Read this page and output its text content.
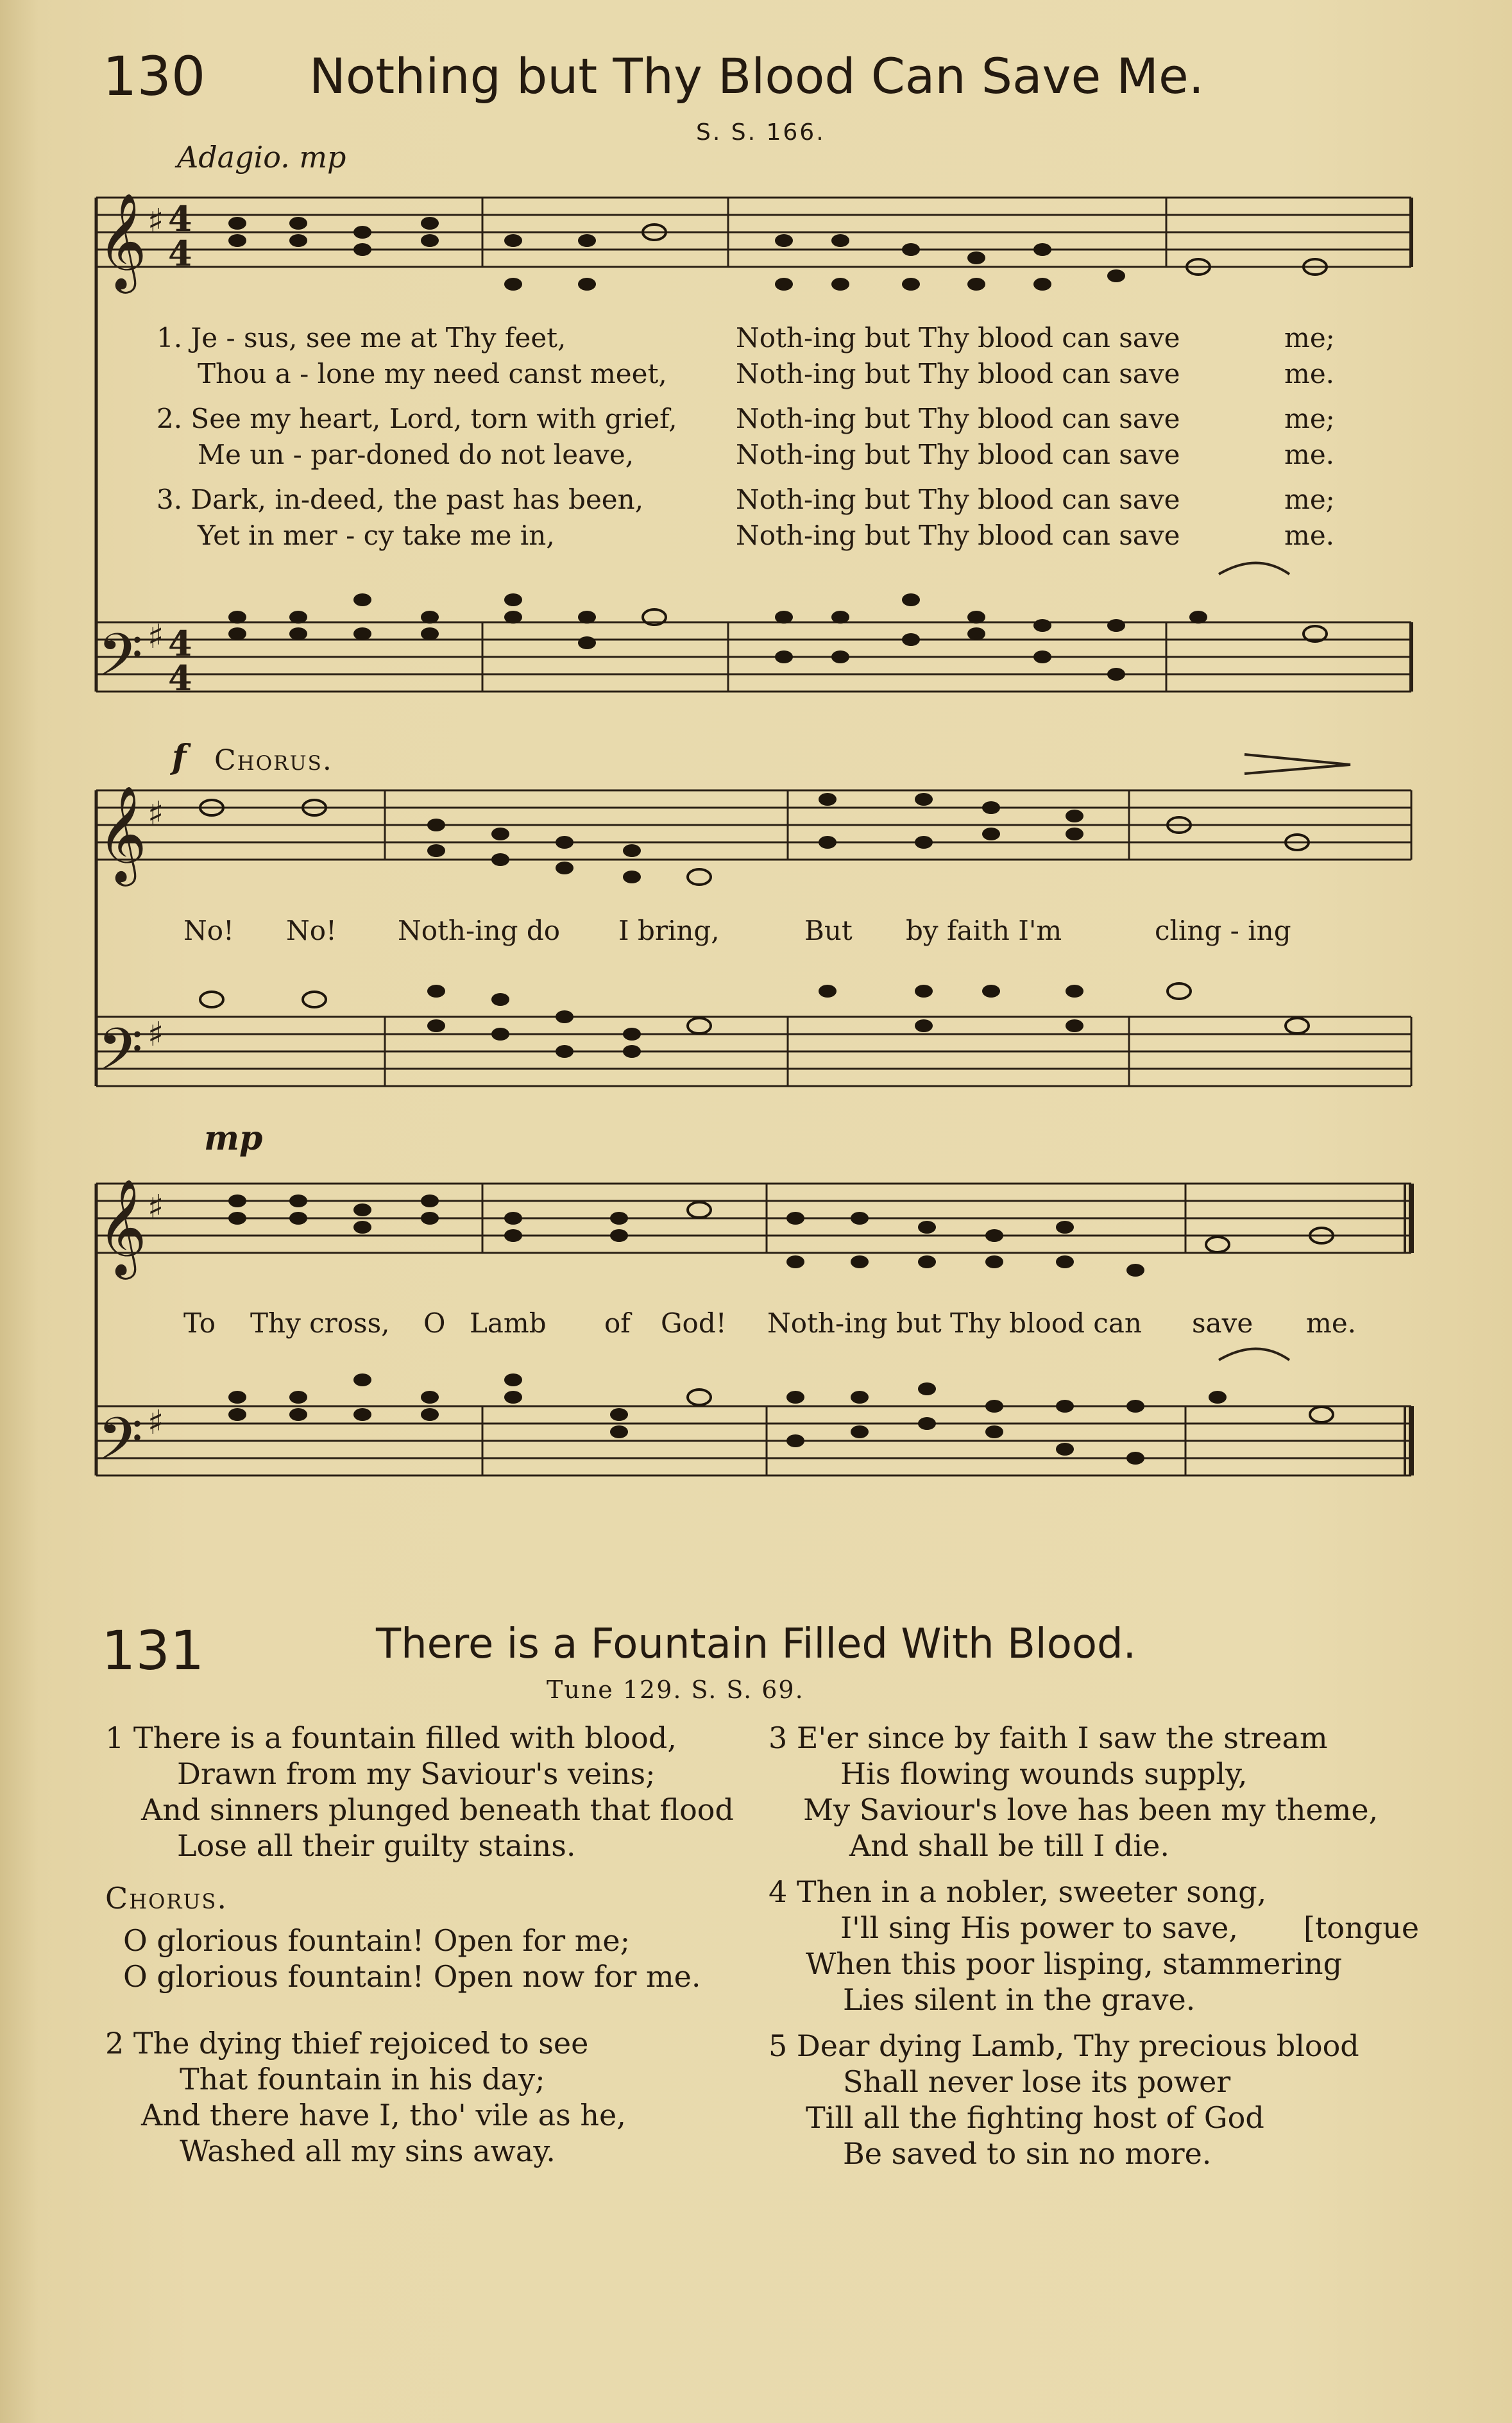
130 Nothing but Thy Blood Can Save Me.
S. S. 166.
Adagio. mp
𝄞
𝄢
𝄞
𝄢
𝄞
𝄢
♯ 4
4
♯ 4
4
♯
♯
♯
♯
1. Je - sus, see me at Thy feet,	Noth-ing but Thy blood can save	me;
Thou a - lone my need canst meet,	Noth-ing but Thy blood can save	me.
2. See my heart, Lord, torn with grief, Noth-ing but Thy blood can save	me;
Me un - par-doned do not leave,	Noth-ing but Thy blood can save	me.
3. Dark, in-deed, the past has been,	Noth-ing but Thy blood can save	me;
Yet in mer - cy take me in,	Noth-ing but Thy blood can save	me.
f Chorus.
No! No! Noth-ing do I bring,	But by faith I'm	cling - ing
mp
To Thy cross, O Lamb of God! Noth-ing but Thy blood can save me.
131	There is a Fountain Filled With Blood.
Tune 129. S. S. 69.
1 There is a fountain filled with blood,
Drawn from my Saviour's veins;
And sinners plunged beneath that flood
Lose all their guilty stains.
Chorus.
O glorious fountain! Open for me;
O glorious fountain! Open now for me.
2 The dying thief rejoiced to see
That fountain in his day;
And there have I, tho' vile as he,
Washed all my sins away.
3 E'er since by faith I saw the stream
His flowing wounds supply,
My Saviour's love has been my theme,
And shall be till I die.
4 Then in a nobler, sweeter song,
I'll sing His power to save, [tongue
When this poor lisping, stammering
Lies silent in the grave.
5 Dear dying Lamb, Thy precious blood
Shall never lose its power
Till all the fighting host of God
Be saved to sin no more.
